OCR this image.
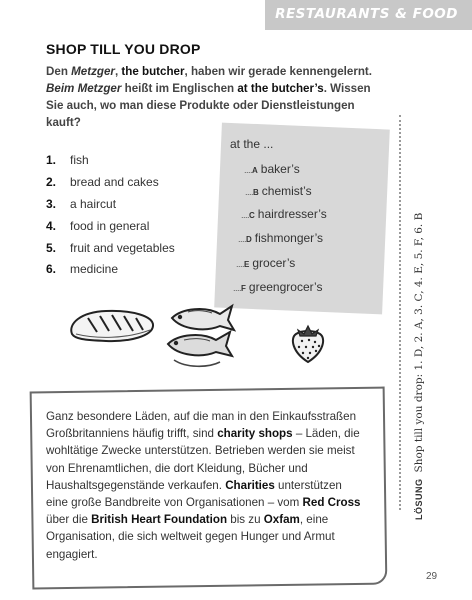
RESTAURANTS & FOOD
SHOP TILL YOU DROP
Den Metzger, the butcher, haben wir gerade kennengelernt. Beim Metzger heißt im Englischen at the butcher’s. Wissen Sie auch, wo man diese Produkte oder Dienstleistungen kauft?
1. fish
2. bread and cakes
3. a haircut
4. food in general
5. fruit and vegetables
6. medicine
at the ...
....A baker’s
....B chemist’s
....C hairdresser’s
....D fishmonger’s
....E grocer’s
....F greengrocer’s
Ganz besondere Läden, auf die man in den Einkaufsstraßen Großbritanniens häufig trifft, sind charity shops – Läden, die wohltätige Zwecke unterstützen. Betrieben werden sie meist von Ehrenamtlichen, die dort Kleidung, Bücher und Haushaltsgegenstände verkaufen. Charities unterstützen eine große Bandbreite von Organisationen – vom Red Cross über die British Heart Foundation bis zu Oxfam, eine Organisation, die sich weltweit gegen Hunger und Armut engagiert.
LÖSUNGShop till you drop: 1. D, 2. A, 3. C, 4. E, 5. F, 6. B
29
